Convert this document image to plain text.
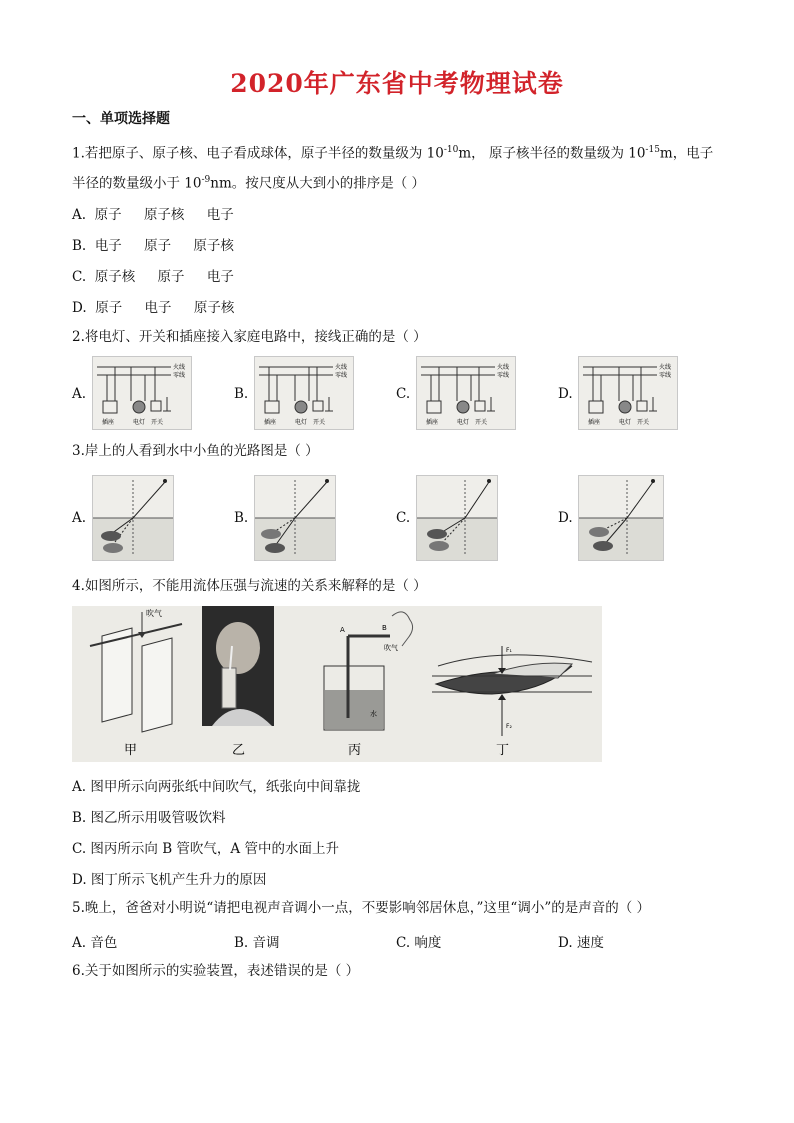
2020年广东省中考物理试卷
一、单项选择题
1.若把原子、原子核、电子看成球体，原子半径的数量级为 $10^{-10}m$， 原子核半径的数量级为 $10^{-15}m$，电子
半径的数量级小于 $10^{-9}nm$。按尺度从大到小的排序是（ ）
A. 原子 原子核 电子
B. 电子 原子 原子核
C. 原子核 原子 电子
D. 原子 电子 原子核
2.将电灯、开关和插座接入家庭电路中，接线正确的是（ ）
A.	B.	C.	D.
火线
零线
插座	电灯 开关
火线
零线
插座	电灯 开关
火线
零线
插座	电灯 开关
火线
零线
插座	电灯 开关
3.岸上的人看到水中小鱼的光路图是（ ）
A.	B.	C.	D.
4.如图所示，不能用流体压强与流速的关系来解释的是（ ）
吹气
甲	乙
A	B
吹气
水
丙
F₁
F₂
丁
A. 图甲所示向两张纸中间吹气，纸张向中间靠拢
B. 图乙所示用吸管吸饮料
C. 图丙所示向 B 管吹气，A 管中的水面上升
D. 图丁所示飞机产生升力的原因
5.晚上，爸爸对小明说“请把电视声音调小一点，不要影响邻居休息，”这里“调小”的是声音的（ ）
A. 音色	B. 音调	C. 响度	D. 速度
6.关于如图所示的实验装置，表述错误的是（ ）
